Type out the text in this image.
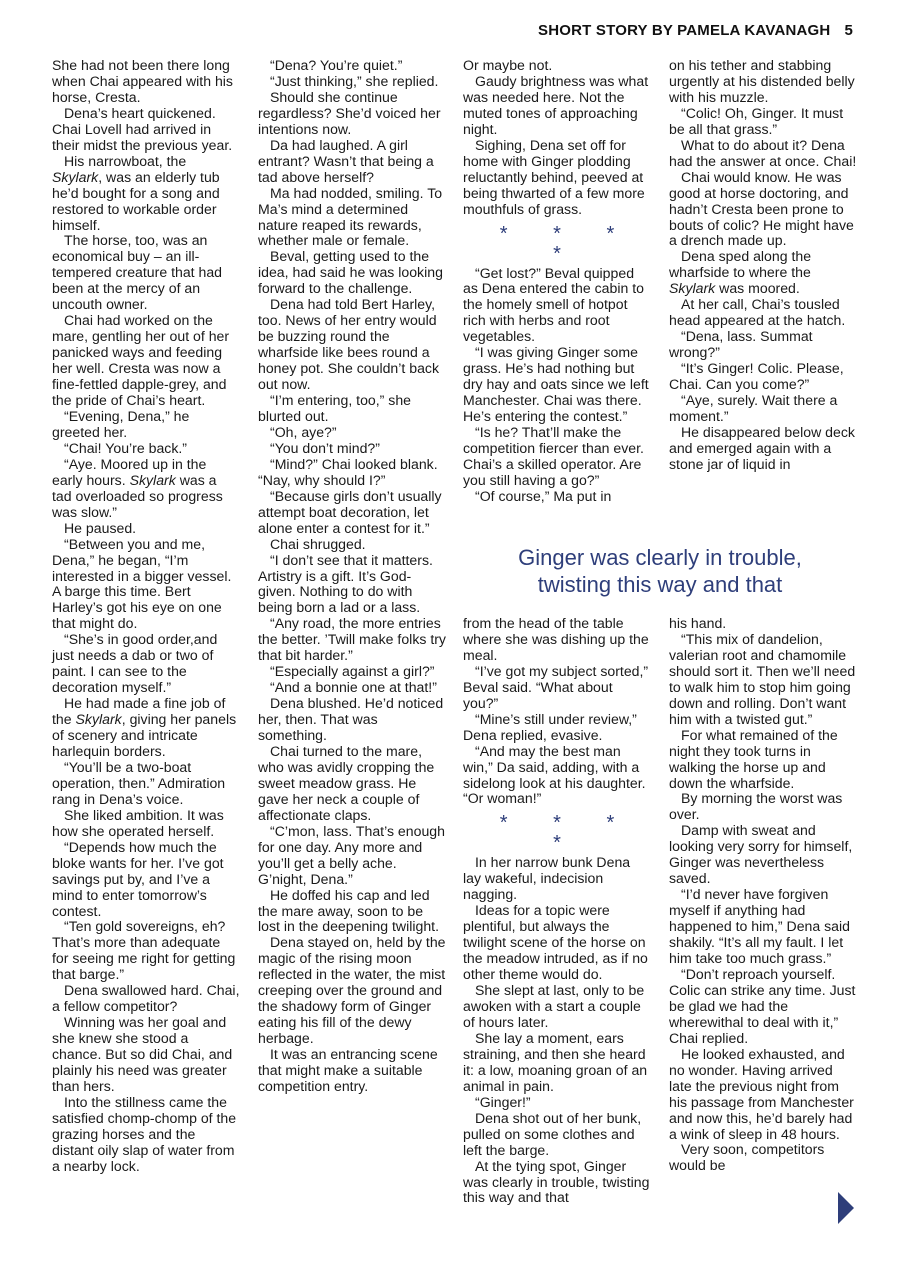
SHORT STORY BY PAMELA KAVANAGH 5

She had not been there long when Chai appeared with his horse, Cresta.

Dena’s heart quickened. Chai Lovell had arrived in their midst the previous year.

His narrowboat, the Skylark, was an elderly tub he’d bought for a song and restored to workable order himself.

The horse, too, was an economical buy – an ill-tempered creature that had been at the mercy of an uncouth owner.

Chai had worked on the mare, gentling her out of her panicked ways and feeding her well. Cresta was now a fine-fettled dapple-grey, and the pride of Chai’s heart.

“Evening, Dena,” he greeted her.

“Chai! You’re back.”

“Aye. Moored up in the early hours. Skylark was a tad overloaded so progress was slow.”

He paused.

“Between you and me, Dena,” he began, “I’m interested in a bigger vessel. A barge this time. Bert Harley’s got his eye on one that might do.

“She’s in good order,and just needs a dab or two of paint. I can see to the decoration myself.”

He had made a fine job of the Skylark, giving her panels of scenery and intricate harlequin borders.

“You’ll be a two-boat operation, then.” Admiration rang in Dena’s voice.

She liked ambition. It was how she operated herself.

“Depends how much the bloke wants for her. I’ve got savings put by, and I’ve a mind to enter tomorrow’s contest.

“Ten gold sovereigns, eh? That’s more than adequate for seeing me right for getting that barge.”

Dena swallowed hard. Chai, a fellow competitor?

Winning was her goal and she knew she stood a chance. But so did Chai, and plainly his need was greater than hers.

Into the stillness came the satisfied chomp-chomp of the grazing horses and the distant oily slap of water from a nearby lock.

“Dena? You’re quiet.”

“Just thinking,” she replied.

Should she continue regardless? She’d voiced her intentions now.

Da had laughed. A girl entrant? Wasn’t that being a tad above herself?

Ma had nodded, smiling. To Ma’s mind a determined nature reaped its rewards, whether male or female.

Beval, getting used to the idea, had said he was looking forward to the challenge.

Dena had told Bert Harley, too. News of her entry would be buzzing round the wharfside like bees round a honey pot. She couldn’t back out now.

“I’m entering, too,” she blurted out.

“Oh, aye?”

“You don’t mind?”

“Mind?” Chai looked blank. “Nay, why should I?”

“Because girls don’t usually attempt boat decoration, let alone enter a contest for it.”

Chai shrugged.

“I don’t see that it matters. Artistry is a gift. It’s God-given. Nothing to do with being born a lad or a lass.

“Any road, the more entries the better. ’Twill make folks try that bit harder.”

“Especially against a girl?”

“And a bonnie one at that!”

Dena blushed. He’d noticed her, then. That was something.

Chai turned to the mare, who was avidly cropping the sweet meadow grass. He gave her neck a couple of affectionate claps.

“C’mon, lass. That’s enough for one day. Any more and you’ll get a belly ache. G’night, Dena.”

He doffed his cap and led the mare away, soon to be lost in the deepening twilight.

Dena stayed on, held by the magic of the rising moon reflected in the water, the mist creeping over the ground and the shadowy form of Ginger eating his fill of the dewy herbage.

It was an entrancing scene that might make a suitable competition entry.

Or maybe not.

Gaudy brightness was what was needed here. Not the muted tones of approaching night.

Sighing, Dena set off for home with Ginger plodding reluctantly behind, peeved at being thwarted of a few more mouthfuls of grass.

* * * *

“Get lost?” Beval quipped as Dena entered the cabin to the homely smell of hotpot rich with herbs and root vegetables.

“I was giving Ginger some grass. He’s had nothing but dry hay and oats since we left Manchester. Chai was there. He’s entering the contest.”

“Is he? That’ll make the competition fiercer than ever. Chai’s a skilled operator. Are you still having a go?”

“Of course,” Ma put in

on his tether and stabbing urgently at his distended belly with his muzzle.

“Colic! Oh, Ginger. It must be all that grass.”

What to do about it? Dena had the answer at once. Chai!

Chai would know. He was good at horse doctoring, and hadn’t Cresta been prone to bouts of colic? He might have a drench made up.

Dena sped along the wharfside to where the Skylark was moored.

At her call, Chai’s tousled head appeared at the hatch.

“Dena, lass. Summat wrong?”

“It’s Ginger! Colic. Please, Chai. Can you come?”

“Aye, surely. Wait there a moment.”

He disappeared below deck and emerged again with a stone jar of liquid in

Ginger was clearly in trouble,
twisting this way and that

from the head of the table where she was dishing up the meal.

“I’ve got my subject sorted,” Beval said. “What about you?”

“Mine’s still under review,” Dena replied, evasive.

“And may the best man win,” Da said, adding, with a sidelong look at his daughter. “Or woman!”

* * * *

In her narrow bunk Dena lay wakeful, indecision nagging.

Ideas for a topic were plentiful, but always the twilight scene of the horse on the meadow intruded, as if no other theme would do.

She slept at last, only to be awoken with a start a couple of hours later.

She lay a moment, ears straining, and then she heard it: a low, moaning groan of an animal in pain.

“Ginger!”

Dena shot out of her bunk, pulled on some clothes and left the barge.

At the tying spot, Ginger was clearly in trouble, twisting this way and that

his hand.

“This mix of dandelion, valerian root and chamomile should sort it. Then we’ll need to walk him to stop him going down and rolling. Don’t want him with a twisted gut.”

For what remained of the night they took turns in walking the horse up and down the wharfside.

By morning the worst was over.

Damp with sweat and looking very sorry for himself, Ginger was nevertheless saved.

“I’d never have forgiven myself if anything had happened to him,” Dena said shakily. “It’s all my fault. I let him take too much grass.”

“Don’t reproach yourself. Colic can strike any time. Just be glad we had the wherewithal to deal with it,” Chai replied.

He looked exhausted, and no wonder. Having arrived late the previous night from his passage from Manchester and now this, he’d barely had a wink of sleep in 48 hours.

Very soon, competitors would be
